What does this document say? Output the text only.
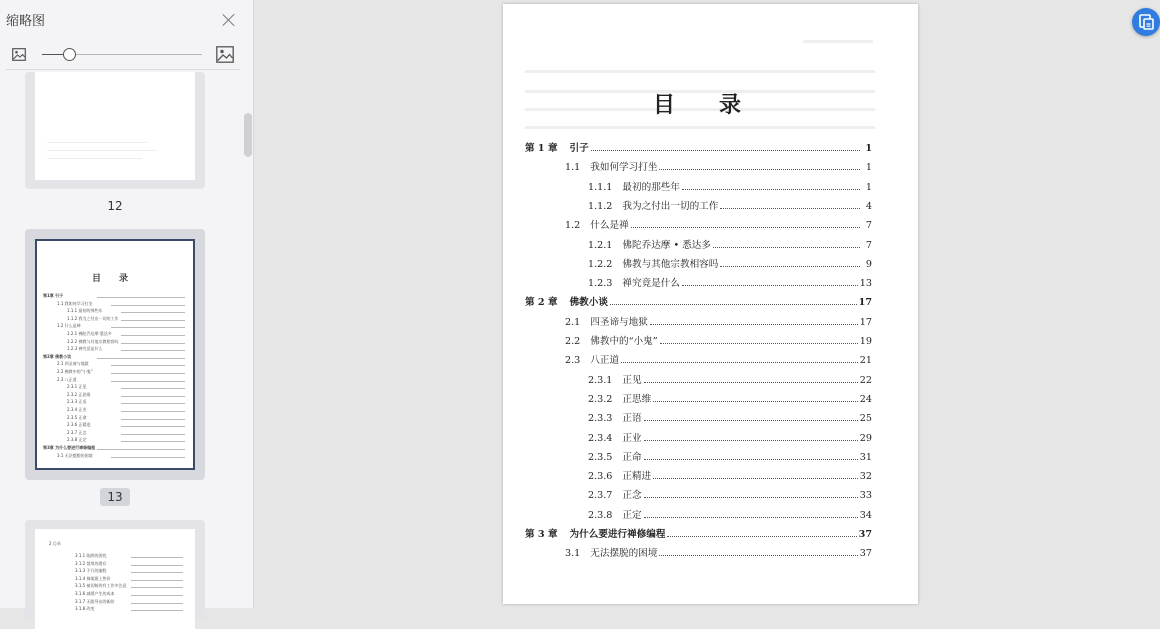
缩略图
12
目　　录
第1章 引子
1.1 我如何学习打坐
1.1.1 最初的那些年
1.1.2 我为之付出一切的工作
1.2 什么是禅
1.2.1 佛陀乔达摩·悉达多
1.2.2 佛教与其他宗教相容吗
1.2.3 禅究竟是什么
第2章 佛教小谈
2.1 四圣谛与地狱
2.2 佛教中的“小鬼”
2.3 八正道
2.3.1 正见
2.3.2 正思维
2.3.3 正语
2.3.4 正业
2.3.5 正命
2.3.6 正精进
2.3.7 正念
2.3.8 正定
第3章 为什么要进行禅修编程
3.1 无法摆脱的困境
13
2 目录
3.1.1 陷阱的困扰
3.1.2 禁用的缓存
3.1.3 不行的编程
3.1.4 梯架既上售价
3.1.5 被切断的有工作中注意
3.1.6 减缓产生的成本
3.1.7 无限导出的新阶
3.1.8 改变
目 录
第 1 章 引子	1
1.1 我如何学习打坐	1
1.1.1 最初的那些年	1
1.1.2 我为之付出一切的工作	4
1.2 什么是禅	7
1.2.1 佛陀乔达摩 • 悉达多	7
1.2.2 佛教与其他宗教相容吗	9
1.2.3 禅究竟是什么	13
第 2 章 佛教小谈	17
2.1 四圣谛与地狱	17
2.2 佛教中的“小鬼”	19
2.3 八正道	21
2.3.1 正见	22
2.3.2 正思维	24
2.3.3 正语	25
2.3.4 正业	29
2.3.5 正命	31
2.3.6 正精进	32
2.3.7 正念	33
2.3.8 正定	34
第 3 章 为什么要进行禅修编程	37
3.1 无法摆脱的困境	37
